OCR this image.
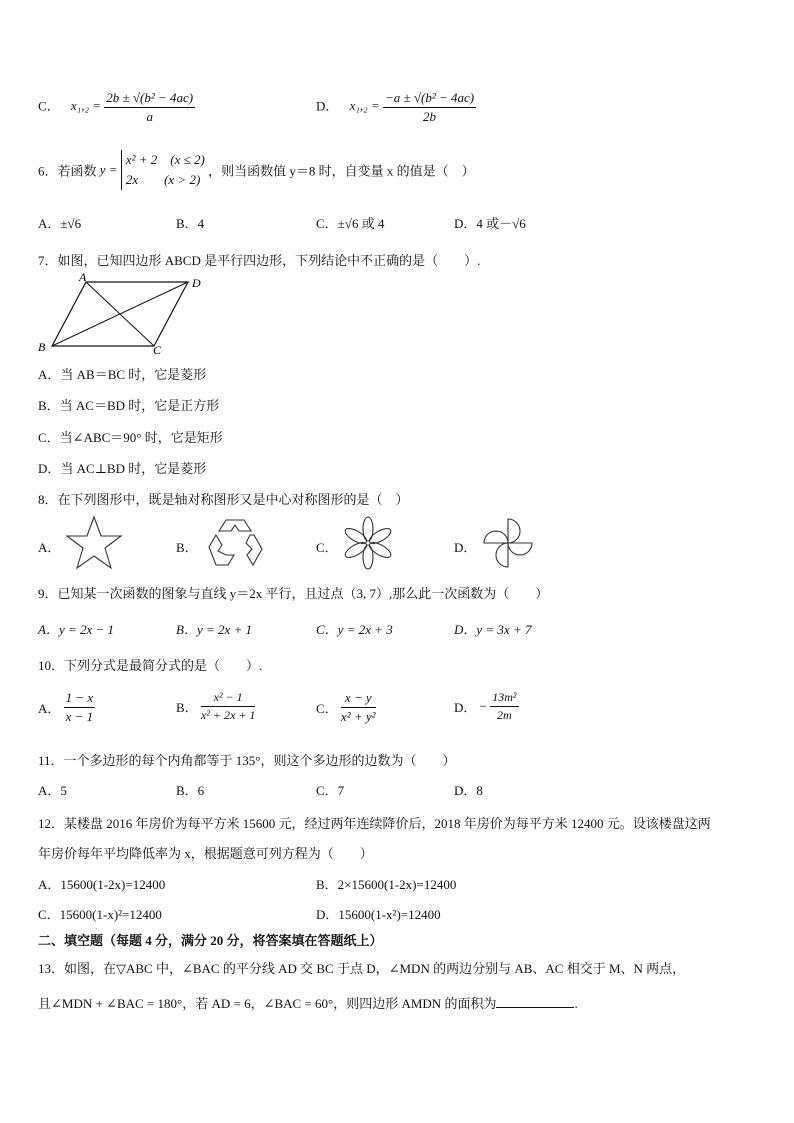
C． $x_1,_2 = \frac{\text{2b ± √(b² − 4ac)}}{a}$	D． $x_1,_2 = \frac{\text{−a ± √(b² − 4ac)}}{2b}$
6．若函数 y =
x² + 2　(x ≤ 2)
2x　　(x > 2)
，则当函数值 y＝8 时，自变量 x 的值是（　）
A．±√6	B．4	C．±√6 或 4	D．4 或－√6
7．如图，已知四边形 ABCD 是平行四边形，下列结论中不正确的是（　　）.
A	D
B	C
A．当 AB＝BC 时，它是菱形
B．当 AC＝BD 时，它是正方形
C．当∠ABC＝90° 时，它是矩形
D．当 AC⊥BD 时，它是菱形
8．在下列图形中，既是轴对称图形又是中心对称图形的是（　）
A．	B．	C．	D．
9．已知某一次函数的图象与直线 y＝2x 平行，且过点（3, 7）,那么此一次函数为（　　）
A．y = 2x − 1	B．y = 2x + 1	C．y = 2x + 3	D．y = 3x + 7
10．下列分式是最简分式的是（　　）.
A． $\frac{1 - x}{x - 1}$	B． $\frac{\text{x² − 1}}{\text{x² + 2x + 1}}$	C． $\frac{x - y}{\text{x² + y²}}$	D． − $\frac{\text{13m²}}{2m}$
11．一个多边形的每个内角都等于 135°，则这个多边形的边数为（　　）
A．5	B．6	C．7	D．8
12．某楼盘 2016 年房价为每平方米 15600 元，经过两年连续降价后，2018 年房价为每平方米 12400 元。设该楼盘这两
年房价每年平均降低率为 x，根据题意可列方程为（　　）
A．15600(1-2x)=12400	B．2×15600(1-2x)=12400
C．15600(1-x)²=12400	D．15600(1-x²)=12400
二、填空题（每题 4 分，满分 20 分，将答案填在答题纸上）
13．如图，在▽ABC 中，∠BAC 的平分线 AD 交 BC 于点 D，∠MDN 的两边分别与 AB、AC 相交于 M、N 两点，
且∠MDN + ∠BAC = 180°，若 AD = 6，∠BAC = 60°，则四边形 AMDN 的面积为	.
